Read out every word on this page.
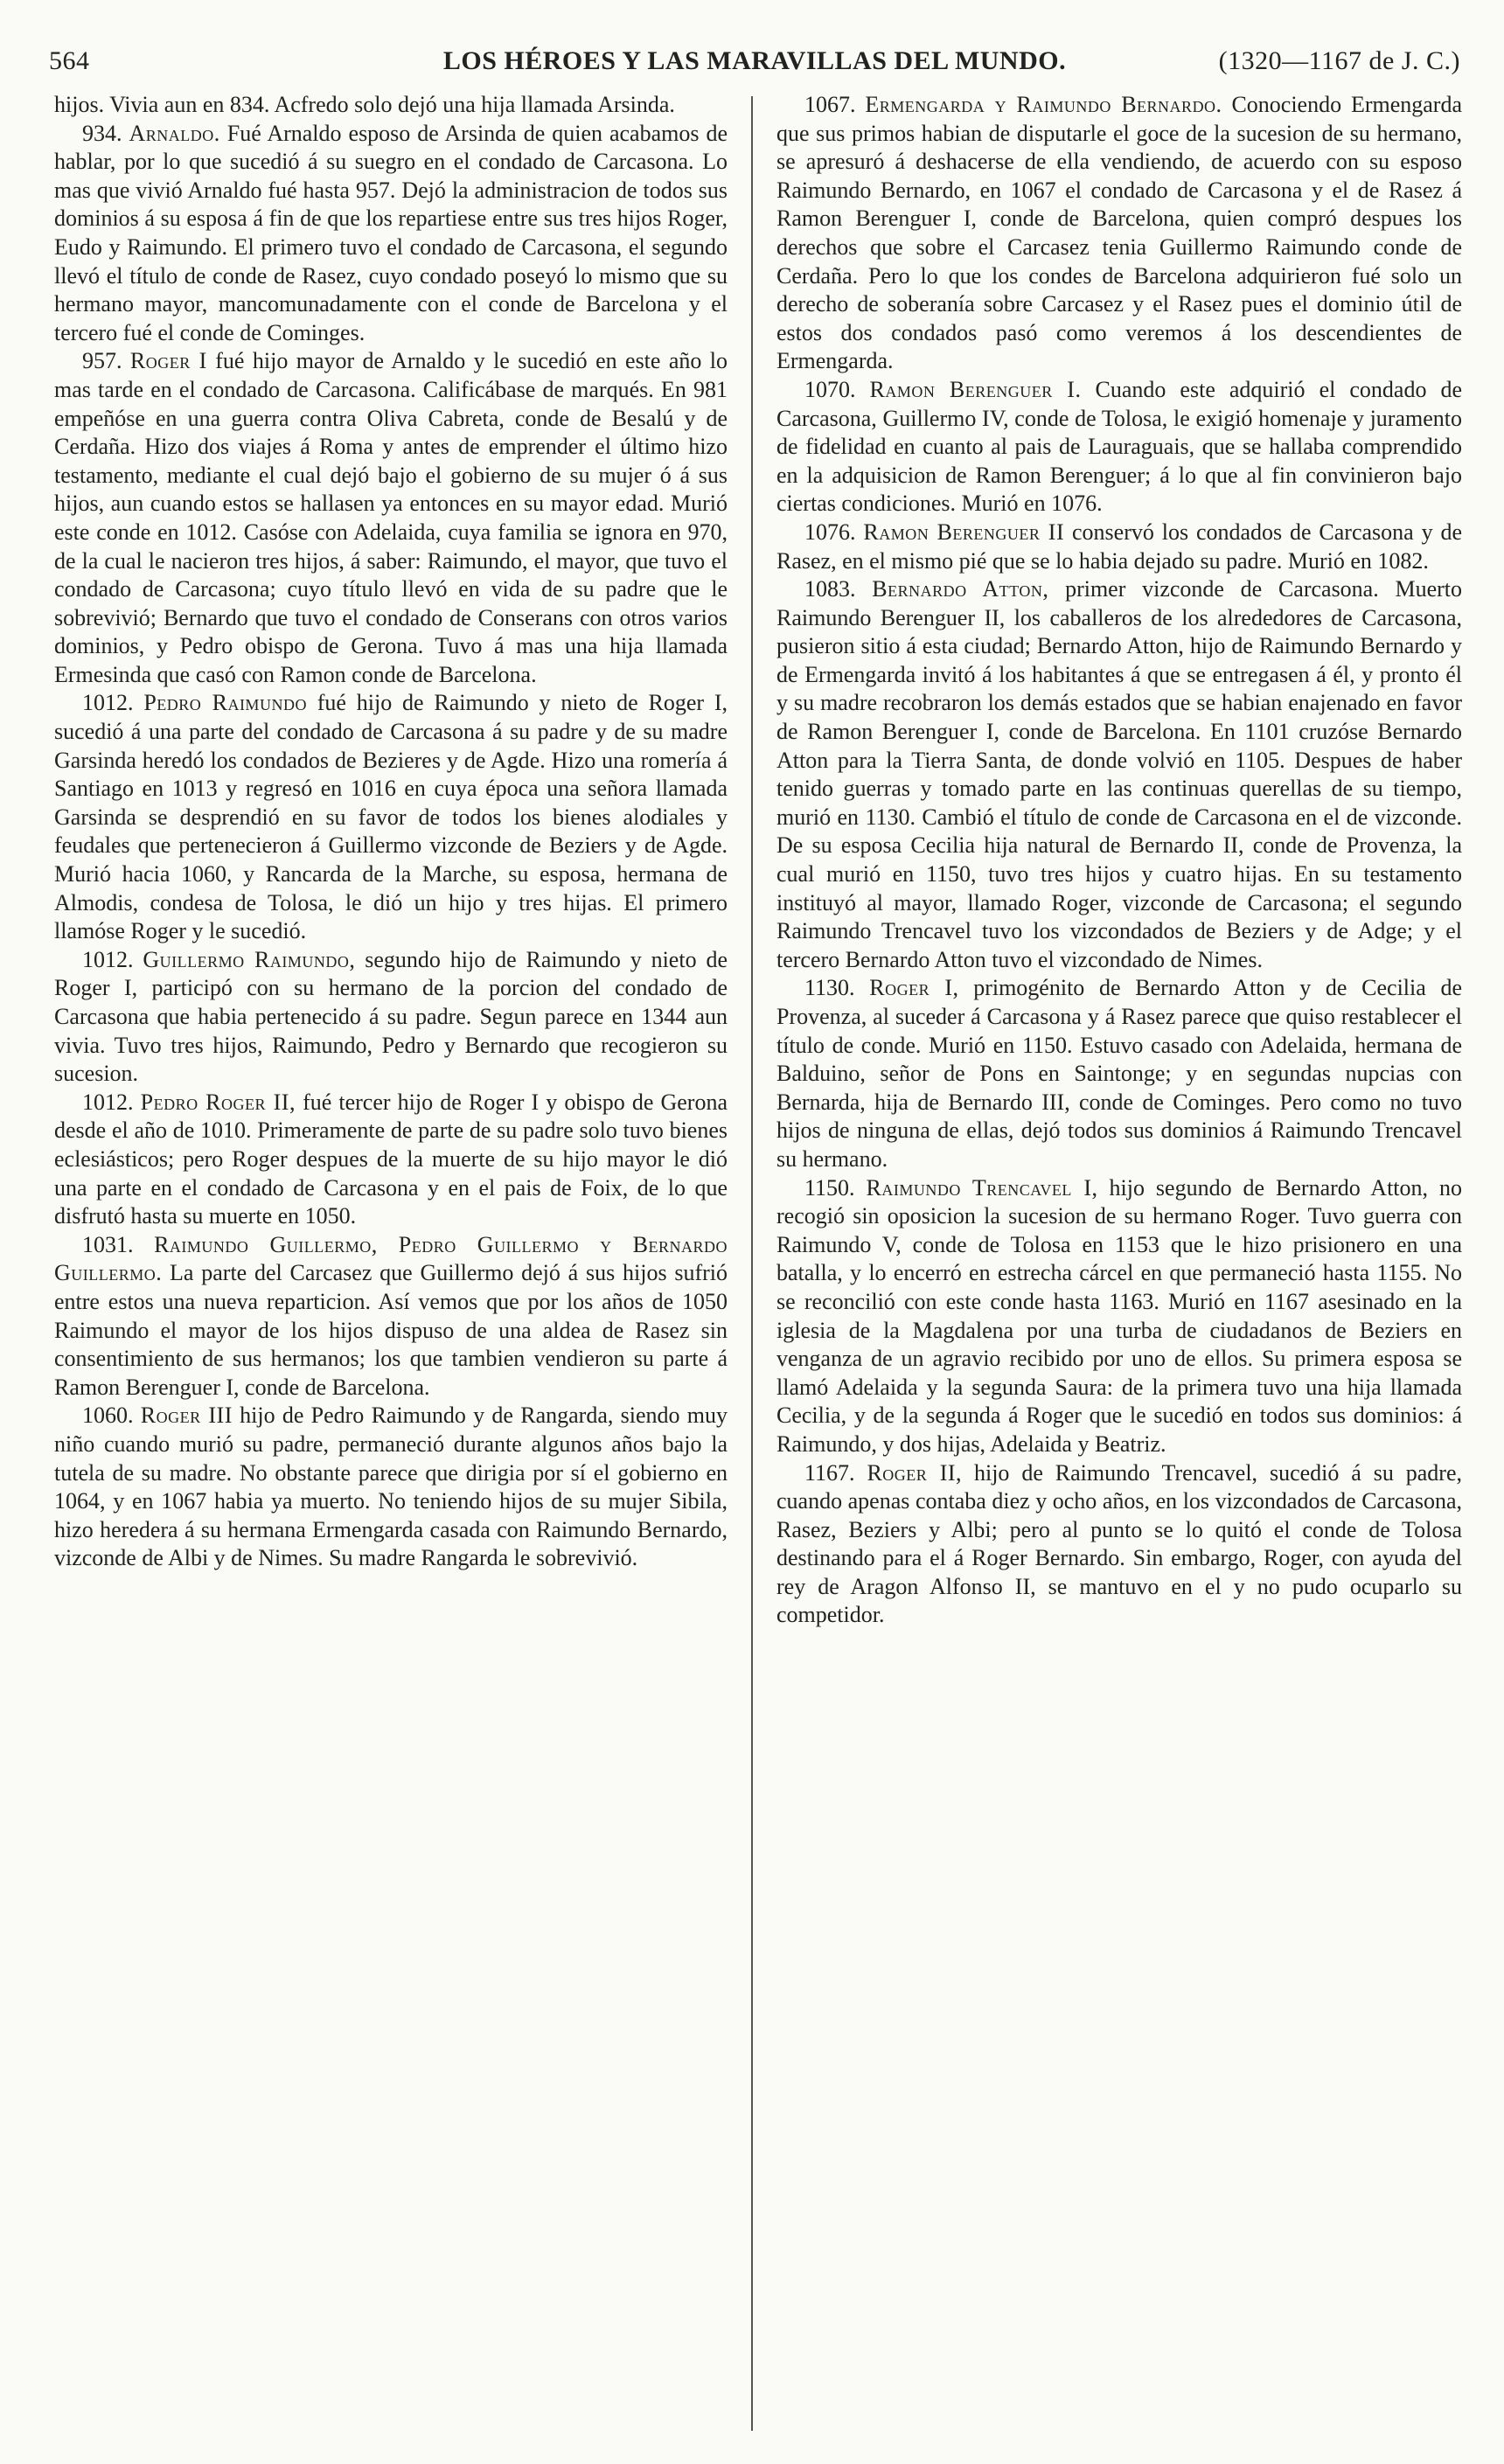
564	LOS HÉROES Y LAS MARAVILLAS DEL MUNDO.	(1320—1167 de J. C.)

hijos. Vivia aun en 834. Acfredo solo dejó una hija llamada Arsinda.

934. Arnaldo. Fué Arnaldo esposo de Arsinda de quien acabamos de hablar, por lo que sucedió á su suegro en el condado de Carcasona. Lo mas que vivió Arnaldo fué hasta 957. Dejó la administracion de todos sus dominios á su esposa á fin de que los repartiese entre sus tres hijos Roger, Eudo y Raimundo. El primero tuvo el condado de Carcasona, el segundo llevó el título de conde de Rasez, cuyo condado poseyó lo mismo que su hermano mayor, mancomunadamente con el conde de Barcelona y el tercero fué el conde de Cominges.

957. Roger I fué hijo mayor de Arnaldo y le sucedió en este año lo mas tarde en el condado de Carcasona. Calificábase de marqués. En 981 empeñóse en una guerra contra Oliva Cabreta, conde de Besalú y de Cerdaña. Hizo dos viajes á Roma y antes de emprender el último hizo testamento, mediante el cual dejó bajo el gobierno de su mujer ó á sus hijos, aun cuando estos se hallasen ya entonces en su mayor edad. Murió este conde en 1012. Casóse con Adelaida, cuya familia se ignora en 970, de la cual le nacieron tres hijos, á saber: Raimundo, el mayor, que tuvo el condado de Carcasona; cuyo título llevó en vida de su padre que le sobrevivió; Bernardo que tuvo el condado de Conserans con otros varios dominios, y Pedro obispo de Gerona. Tuvo á mas una hija llamada Ermesinda que casó con Ramon conde de Barcelona.

1012. Pedro Raimundo fué hijo de Raimundo y nieto de Roger I, sucedió á una parte del condado de Carcasona á su padre y de su madre Garsinda heredó los condados de Bezieres y de Agde. Hizo una romería á Santiago en 1013 y regresó en 1016 en cuya época una señora llamada Garsinda se desprendió en su favor de todos los bienes alodiales y feudales que pertenecieron á Guillermo vizconde de Beziers y de Agde. Murió hacia 1060, y Rancarda de la Marche, su esposa, hermana de Almodis, condesa de Tolosa, le dió un hijo y tres hijas. El primero llamóse Roger y le sucedió.

1012. Guillermo Raimundo, segundo hijo de Raimundo y nieto de Roger I, participó con su hermano de la porcion del condado de Carcasona que habia pertenecido á su padre. Segun parece en 1344 aun vivia. Tuvo tres hijos, Raimundo, Pedro y Bernardo que recogieron su sucesion.

1012. Pedro Roger II, fué tercer hijo de Roger I y obispo de Gerona desde el año de 1010. Primeramente de parte de su padre solo tuvo bienes eclesiásticos; pero Roger despues de la muerte de su hijo mayor le dió una parte en el condado de Carcasona y en el pais de Foix, de lo que disfrutó hasta su muerte en 1050.

1031. Raimundo Guillermo, Pedro Guillermo y Bernardo Guillermo. La parte del Carcasez que Guillermo dejó á sus hijos sufrió entre estos una nueva reparticion. Así vemos que por los años de 1050 Raimundo el mayor de los hijos dispuso de una aldea de Rasez sin consentimiento de sus hermanos; los que tambien vendieron su parte á Ramon Berenguer I, conde de Barcelona.

1060. Roger III hijo de Pedro Raimundo y de Rangarda, siendo muy niño cuando murió su padre, permaneció durante algunos años bajo la tutela de su madre. No obstante parece que dirigia por sí el gobierno en 1064, y en 1067 habia ya muerto. No teniendo hijos de su mujer Sibila, hizo heredera á su hermana Ermengarda casada con Raimundo Bernardo, vizconde de Albi y de Nimes. Su madre Rangarda le sobrevivió.

1067. Ermengarda y Raimundo Bernardo. Conociendo Ermengarda que sus primos habian de disputarle el goce de la sucesion de su hermano, se apresuró á deshacerse de ella vendiendo, de acuerdo con su esposo Raimundo Bernardo, en 1067 el condado de Carcasona y el de Rasez á Ramon Berenguer I, conde de Barcelona, quien compró despues los derechos que sobre el Carcasez tenia Guillermo Raimundo conde de Cerdaña. Pero lo que los condes de Barcelona adquirieron fué solo un derecho de soberanía sobre Carcasez y el Rasez pues el dominio útil de estos dos condados pasó como veremos á los descendientes de Ermengarda.

1070. Ramon Berenguer I. Cuando este adquirió el condado de Carcasona, Guillermo IV, conde de Tolosa, le exigió homenaje y juramento de fidelidad en cuanto al pais de Lauraguais, que se hallaba comprendido en la adquisicion de Ramon Berenguer; á lo que al fin convinieron bajo ciertas condiciones. Murió en 1076.

1076. Ramon Berenguer II conservó los condados de Carcasona y de Rasez, en el mismo pié que se lo habia dejado su padre. Murió en 1082.

1083. Bernardo Atton, primer vizconde de Carcasona. Muerto Raimundo Berenguer II, los caballeros de los alrededores de Carcasona, pusieron sitio á esta ciudad; Bernardo Atton, hijo de Raimundo Bernardo y de Ermengarda invitó á los habitantes á que se entregasen á él, y pronto él y su madre recobraron los demás estados que se habian enajenado en favor de Ramon Berenguer I, conde de Barcelona. En 1101 cruzóse Bernardo Atton para la Tierra Santa, de donde volvió en 1105. Despues de haber tenido guerras y tomado parte en las continuas querellas de su tiempo, murió en 1130. Cambió el título de conde de Carcasona en el de vizconde. De su esposa Cecilia hija natural de Bernardo II, conde de Provenza, la cual murió en 1150, tuvo tres hijos y cuatro hijas. En su testamento instituyó al mayor, llamado Roger, vizconde de Carcasona; el segundo Raimundo Trencavel tuvo los vizcondados de Beziers y de Adge; y el tercero Bernardo Atton tuvo el vizcondado de Nimes.

1130. Roger I, primogénito de Bernardo Atton y de Cecilia de Provenza, al suceder á Carcasona y á Rasez parece que quiso restablecer el título de conde. Murió en 1150. Estuvo casado con Adelaida, hermana de Balduino, señor de Pons en Saintonge; y en segundas nupcias con Bernarda, hija de Bernardo III, conde de Cominges. Pero como no tuvo hijos de ninguna de ellas, dejó todos sus dominios á Raimundo Trencavel su hermano.

1150. Raimundo Trencavel I, hijo segundo de Bernardo Atton, no recogió sin oposicion la sucesion de su hermano Roger. Tuvo guerra con Raimundo V, conde de Tolosa en 1153 que le hizo prisionero en una batalla, y lo encerró en estrecha cárcel en que permaneció hasta 1155. No se reconcilió con este conde hasta 1163. Murió en 1167 asesinado en la iglesia de la Magdalena por una turba de ciudadanos de Beziers en venganza de un agravio recibido por uno de ellos. Su primera esposa se llamó Adelaida y la segunda Saura: de la primera tuvo una hija llamada Cecilia, y de la segunda á Roger que le sucedió en todos sus dominios: á Raimundo, y dos hijas, Adelaida y Beatriz.

1167. Roger II, hijo de Raimundo Trencavel, sucedió á su padre, cuando apenas contaba diez y ocho años, en los vizcondados de Carcasona, Rasez, Beziers y Albi; pero al punto se lo quitó el conde de Tolosa destinando para el á Roger Bernardo. Sin embargo, Roger, con ayuda del rey de Aragon Alfonso II, se mantuvo en el y no pudo ocuparlo su competidor.
